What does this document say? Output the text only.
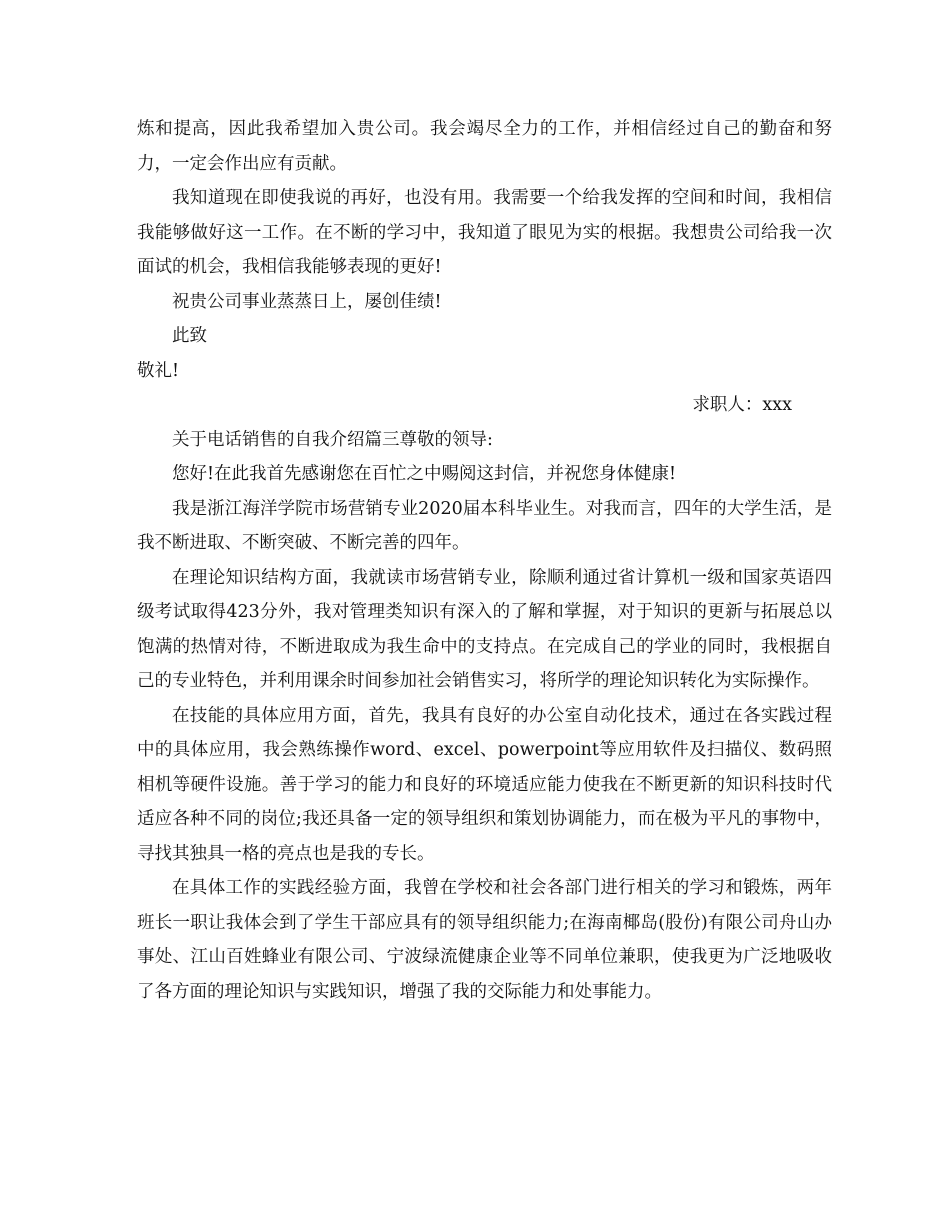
炼和提高，因此我希望加入贵公司。我会竭尽全力的工作，并相信经过自己的勤奋和努力，一定会作出应有贡献。

我知道现在即使我说的再好，也没有用。我需要一个给我发挥的空间和时间，我相信我能够做好这一工作。在不断的学习中，我知道了眼见为实的根据。我想贵公司给我一次面试的机会，我相信我能够表现的更好!

祝贵公司事业蒸蒸日上，屡创佳绩!

此致

敬礼!

求职人：xxx

关于电话销售的自我介绍篇三尊敬的领导:

您好!在此我首先感谢您在百忙之中赐阅这封信，并祝您身体健康!

我是浙江海洋学院市场营销专业2020届本科毕业生。对我而言，四年的大学生活，是我不断进取、不断突破、不断完善的四年。

在理论知识结构方面，我就读市场营销专业，除顺利通过省计算机一级和国家英语四级考试取得423分外，我对管理类知识有深入的了解和掌握，对于知识的更新与拓展总以饱满的热情对待，不断进取成为我生命中的支持点。在完成自己的学业的同时，我根据自己的专业特色，并利用课余时间参加社会销售实习，将所学的理论知识转化为实际操作。

在技能的具体应用方面，首先，我具有良好的办公室自动化技术，通过在各实践过程中的具体应用，我会熟练操作word、excel、powerpoint等应用软件及扫描仪、数码照相机等硬件设施。善于学习的能力和良好的环境适应能力使我在不断更新的知识科技时代适应各种不同的岗位;我还具备一定的领导组织和策划协调能力，而在极为平凡的事物中，寻找其独具一格的亮点也是我的专长。

在具体工作的实践经验方面，我曾在学校和社会各部门进行相关的学习和锻炼，两年班长一职让我体会到了学生干部应具有的领导组织能力;在海南椰岛(股份)有限公司舟山办事处、江山百姓蜂业有限公司、宁波绿流健康企业等不同单位兼职，使我更为广泛地吸收了各方面的理论知识与实践知识，增强了我的交际能力和处事能力。
